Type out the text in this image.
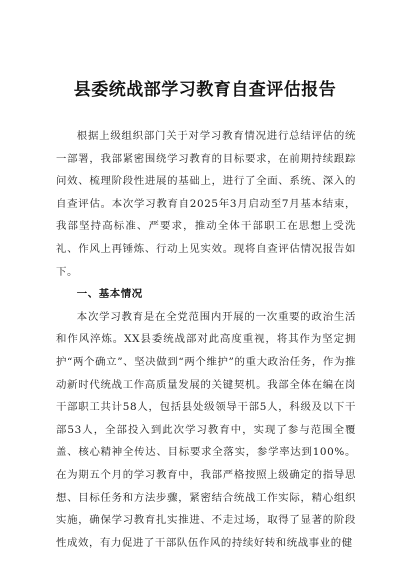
县委统战部学习教育自查评估报告

根据上级组织部门关于对学习教育情况进行总结评估的统一部署，我部紧密围绕学习教育的目标要求，在前期持续跟踪问效、梳理阶段性进展的基础上，进行了全面、系统、深入的自查评估。本次学习教育自2025年3月启动至7月基本结束，我部坚持高标准、严要求，推动全体干部职工在思想上受洗礼、作风上再锤炼、行动上见实效。现将自查评估情况报告如下。

一、基本情况

本次学习教育是在全党范围内开展的一次重要的政治生活和作风淬炼。XX县委统战部对此高度重视，将其作为坚定拥护“两个确立”、坚决做到“两个维护”的重大政治任务，作为推动新时代统战工作高质量发展的关键契机。我部全体在编在岗干部职工共计58人，包括县处级领导干部5人，科级及以下干部53人，全部投入到此次学习教育中，实现了参与范围全覆盖、核心精神全传达、目标要求全落实，参学率达到100%。在为期五个月的学习教育中，我部严格按照上级确定的指导思想、目标任务和方法步骤，紧密结合统战工作实际，精心组织实施，确保学习教育扎实推进、不走过场，取得了显著的阶段性成效，有力促进了干部队伍作风的持续好转和统战事业的健
